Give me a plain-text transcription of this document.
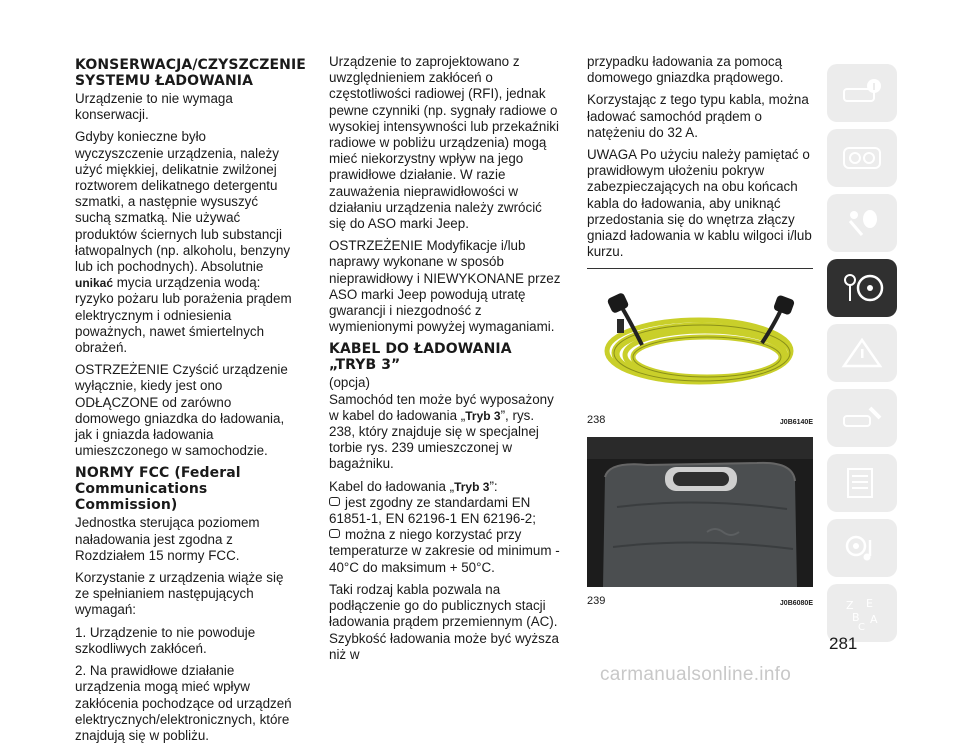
KONSERWACJA/CZYSZCZENIE SYSTEMU ŁADOWANIA

Urządzenie to nie wymaga konserwacji.

Gdyby konieczne było wyczyszczenie urządzenia, należy użyć miękkiej, delikatnie zwilżonej roztworem delikatnego detergentu szmatki, a następnie wysuszyć suchą szmatką. Nie używać produktów ściernych lub substancji łatwopalnych (np. alkoholu, benzyny lub ich pochodnych). Absolutnie
unikać mycia urządzenia wodą: ryzyko pożaru lub porażenia prądem elektrycznym i odniesienia poważnych, nawet śmiertelnych obrażeń.

OSTRZEŻENIE Czyścić urządzenie wyłącznie, kiedy jest ono ODŁĄCZONE od zarówno domowego gniazdka do ładowania, jak i gniazda ładowania umieszczonego w samochodzie.

NORMY FCC (Federal Communications Commission)

Jednostka sterująca poziomem naładowania jest zgodna z Rozdziałem 15 normy FCC.

Korzystanie z urządzenia wiąże się ze spełnianiem następujących wymagań:

1. Urządzenie to nie powoduje szkodliwych zakłóceń.

2. Na prawidłowe działanie urządzenia mogą mieć wpływ zakłócenia pochodzące od urządzeń elektrycznych/elektronicznych, które znajdują się w pobliżu.

Urządzenie to zaprojektowano z uwzględnieniem zakłóceń o częstotliwości radiowej (RFI), jednak pewne czynniki (np. sygnały radiowe o wysokiej intensywności lub przekaźniki radiowe w pobliżu urządzenia) mogą mieć niekorzystny wpływ na jego prawidłowe działanie. W razie zauważenia nieprawidłowości w działaniu urządzenia należy zwrócić się do ASO marki Jeep.

OSTRZEŻENIE Modyfikacje i/lub naprawy wykonane w sposób nieprawidłowy i NIEWYKONANE przez ASO marki Jeep powodują utratę gwarancji i niezgodność z wymienionymi powyżej wymaganiami.

KABEL DO ŁADOWANIA „TRYB 3”

(opcja)

Samochód ten może być wyposażony w kabel do ładowania „Tryb 3”, rys. 238, który znajduje się w specjalnej torbie rys. 239 umieszczonej w bagażniku.

Kabel do ładowania „Tryb 3”:

jest zgodny ze standardami EN 61851-1, EN 62196-1 EN 62196-2;

można z niego korzystać przy temperaturze w zakresie od minimum - 40°C do maksimum + 50°C.

Taki rodzaj kabla pozwala na podłączenie go do publicznych stacji ładowania prądem przemiennym (AC). Szybkość ładowania może być wyższa niż w

przypadku ładowania za pomocą domowego gniazdka prądowego.

Korzystając z tego typu kabla, można ładować samochód prądem o natężeniu do 32 A.

UWAGA Po użyciu należy pamiętać o prawidłowym ułożeniu pokryw zabezpieczających na obu końcach kabla do ładowania, aby uniknąć przedostania się do wnętrza złączy gniazd ładowania w kablu wilgoci i/lub kurzu.

238	J0B6140E
239	J0B6080E	Z E
B A
C
281
carmanualsonline.info
